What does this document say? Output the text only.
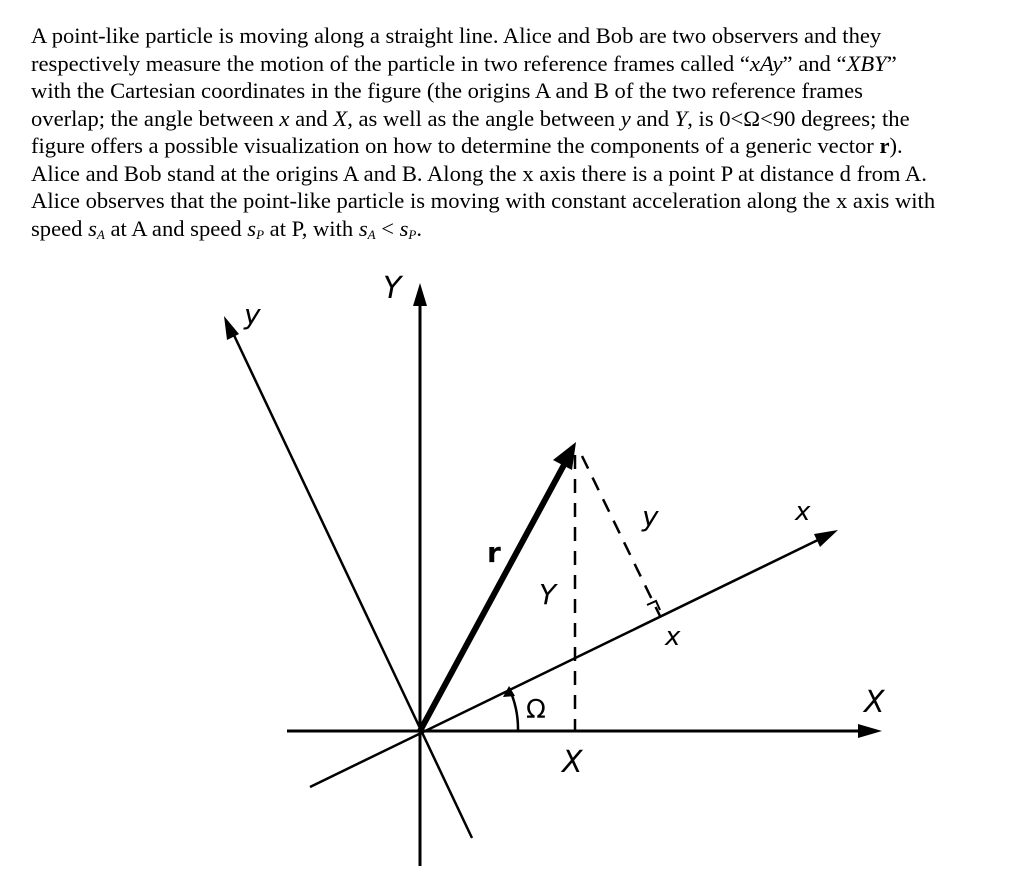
A point-like particle is moving along a straight line. Alice and Bob are two observers and they
respectively measure the motion of the particle in two reference frames called “xAy” and “XBY”
with the Cartesian coordinates in the figure (the origins A and B of the two reference frames
overlap; the angle between x and X, as well as the angle between y and Y, is 0<Ω<90 degrees; the
figure offers a possible visualization on how to determine the components of a generic vector r).
Alice and Bob stand at the origins A and B. Along the x axis there is a point P at distance d from A.
Alice observes that the point-like particle is moving with constant acceleration along the x axis with
speed $s_A$ at A and speed $s_P$ at P, with $s_A < s_P$.
Y
y
X
x
r
y
Y
x
X
Ω
